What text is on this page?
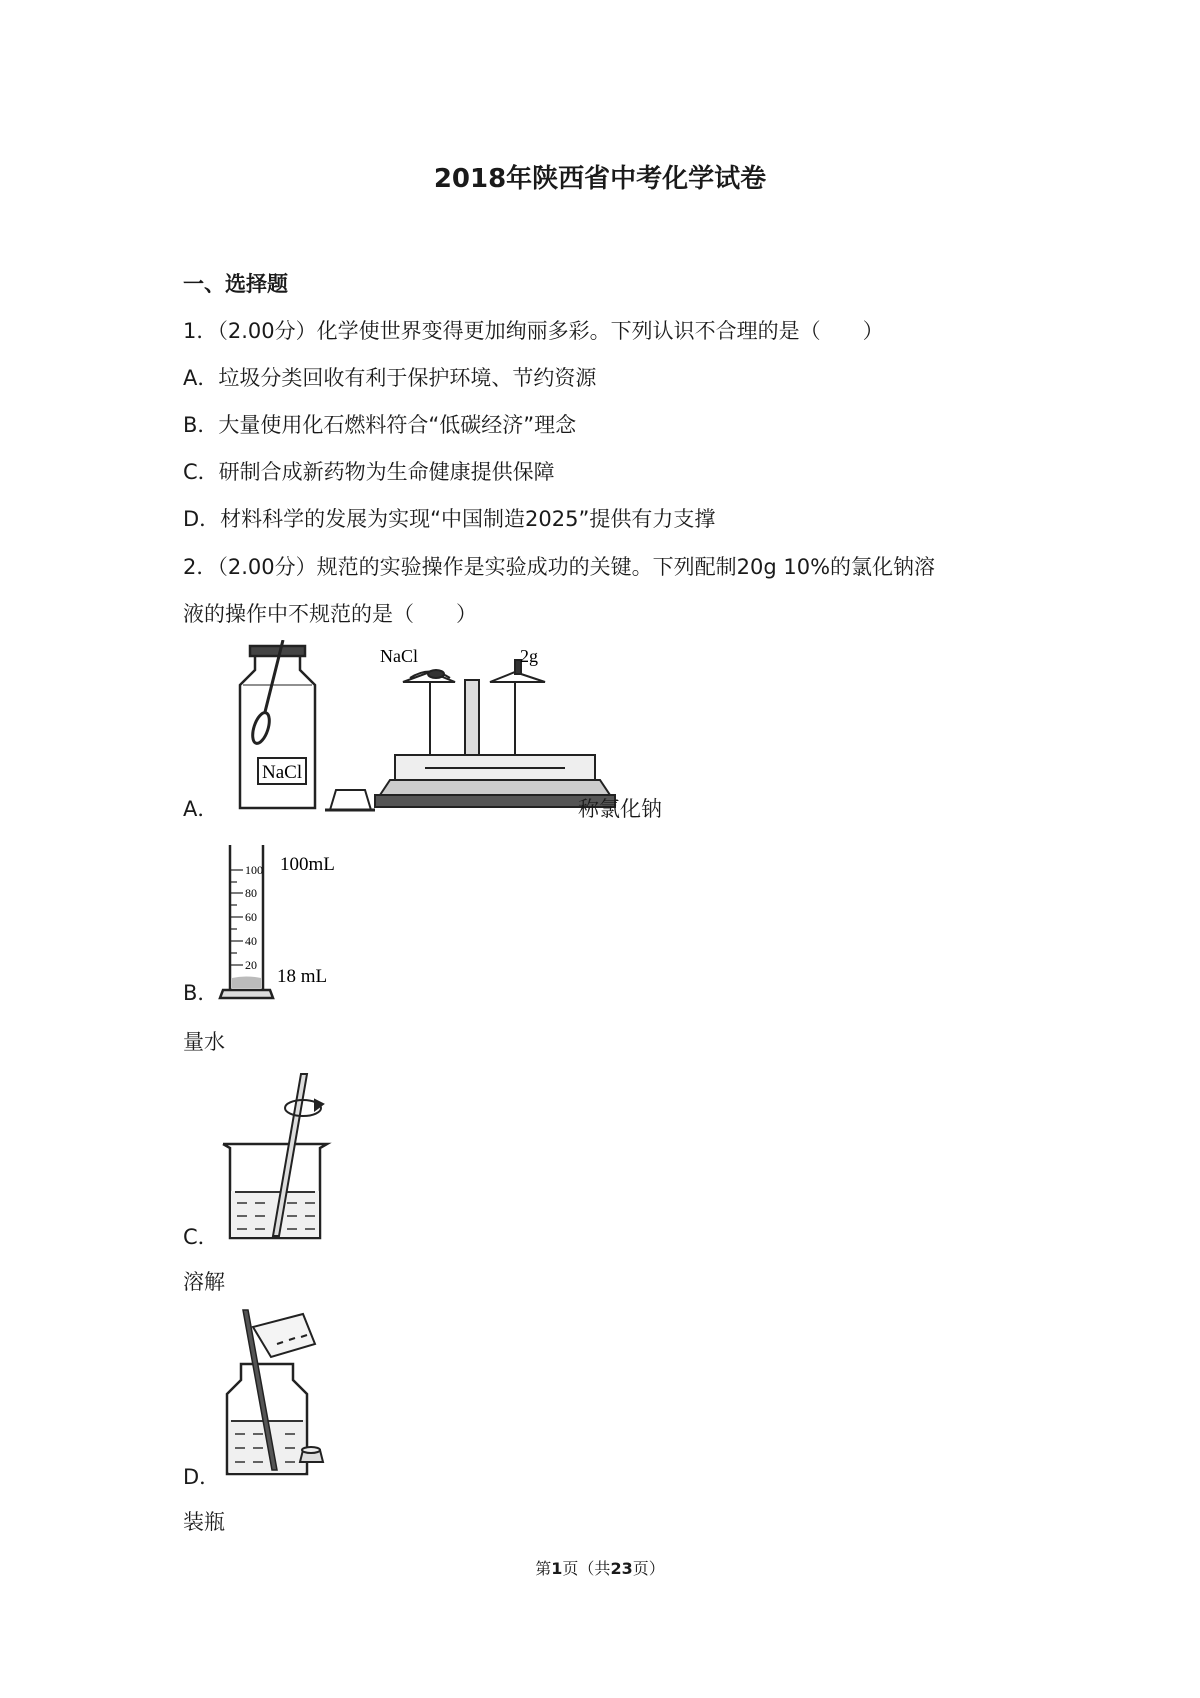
2018年陕西省中考化学试卷
一、选择题
1．（2.00分）化学使世界变得更加绚丽多彩。下列认识不合理的是（　　）
A．垃圾分类回收有利于保护环境、节约资源
B．大量使用化石燃料符合“低碳经济”理念
C．研制合成新药物为生命健康提供保障
D．材料科学的发展为实现“中国制造2025”提供有力支撑
2．（2.00分）规范的实验操作是实验成功的关键。下列配制20g 10%的氯化钠溶
液的操作中不规范的是（　　）
A．
NaCl
NaCl	2g
称氯化钠
B．
100
80
60
40
20
100mL
18 mL
量水
C．
溶解
D．
装瓶
第1页（共23页）
